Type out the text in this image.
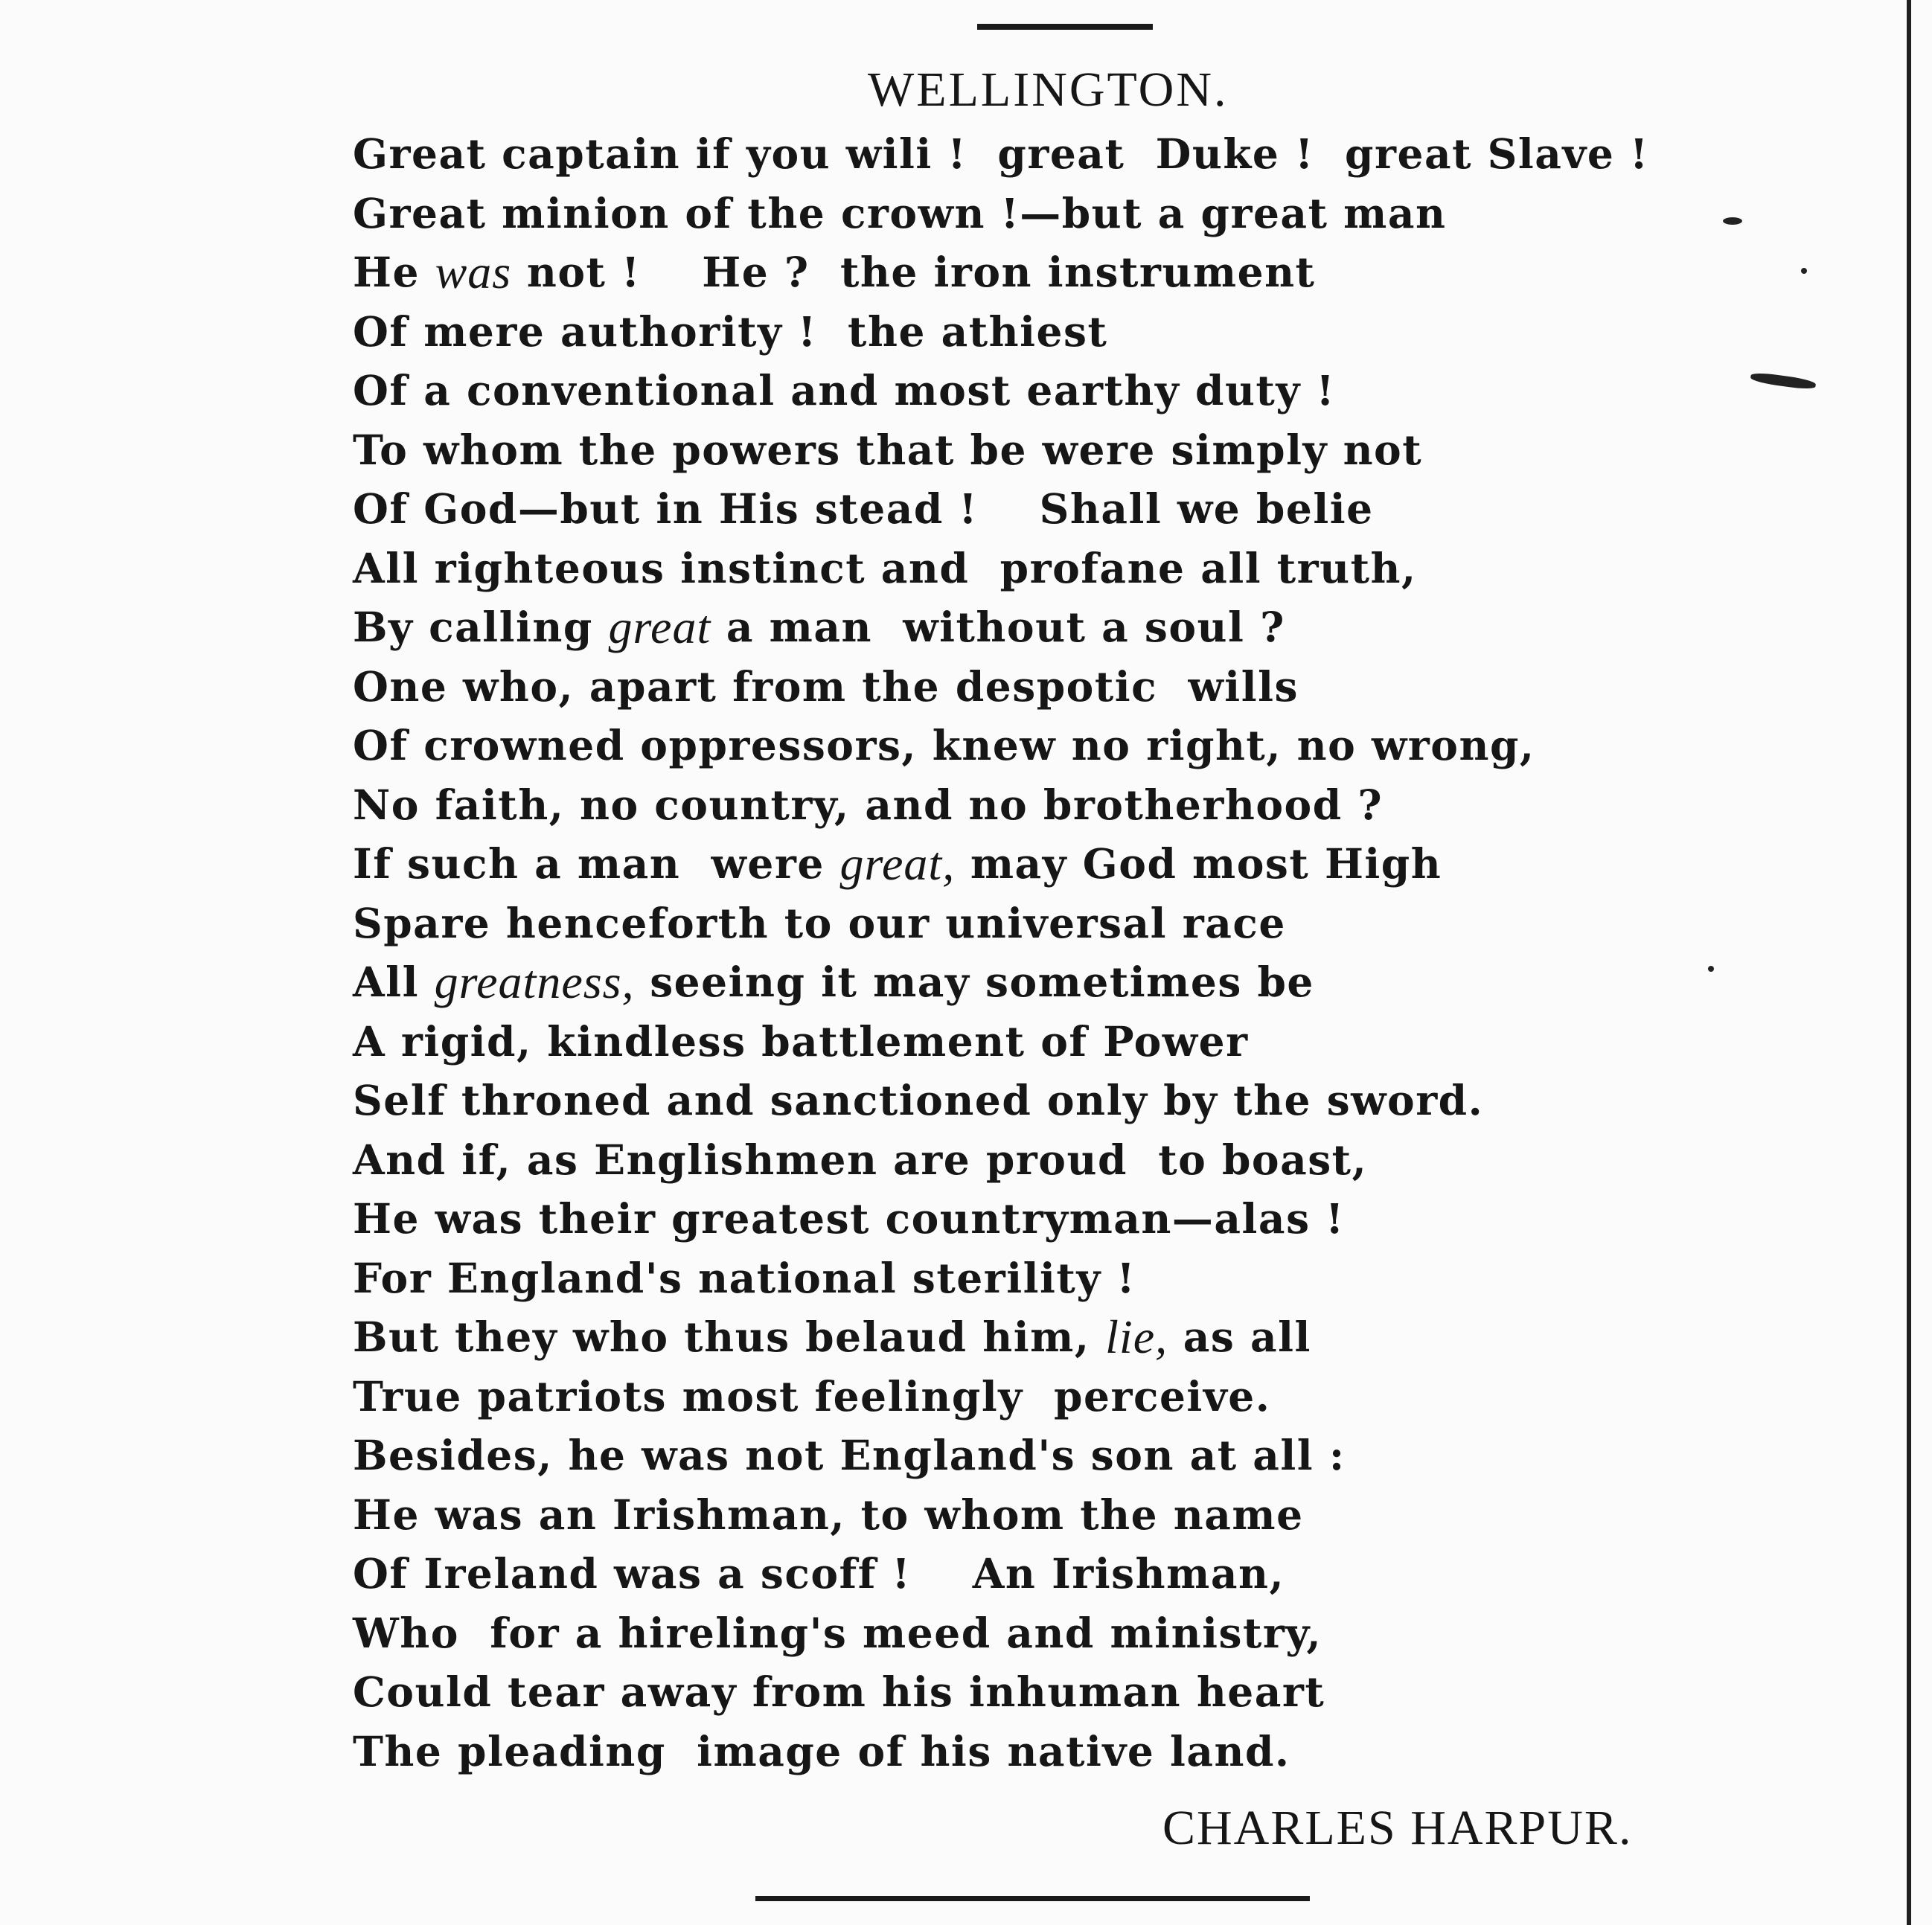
WELLINGTON.
Great captain if you wili !  great  Duke !  great Slave !
Great minion of the crown !—but a great man
He was not !    He ?  the iron instrument
Of mere authority !  the athiest
Of a conventional and most earthy duty !
To whom the powers that be were simply not
Of God—but in His stead !    Shall we belie
All righteous instinct and  profane all truth,
By calling great a man  without a soul ?
One who, apart from the despotic  wills
Of crowned oppressors, knew no right, no wrong,
No faith, no country, and no brotherhood ?
If such a man  were great, may God most High
Spare henceforth to our universal race
All greatness, seeing it may sometimes be
A rigid, kindless battlement of Power
Self throned and sanctioned only by the sword.
And if, as Englishmen are proud  to boast,
He was their greatest countryman—alas !
For England's national sterility !
But they who thus belaud him, lie, as all
True patriots most feelingly  perceive.
Besides, he was not England's son at all :
He was an Irishman, to whom the name
Of Ireland was a scoff !    An Irishman,
Who  for a hireling's meed and ministry,
Could tear away from his inhuman heart
The pleading  image of his native land.
CHARLES HARPUR.
